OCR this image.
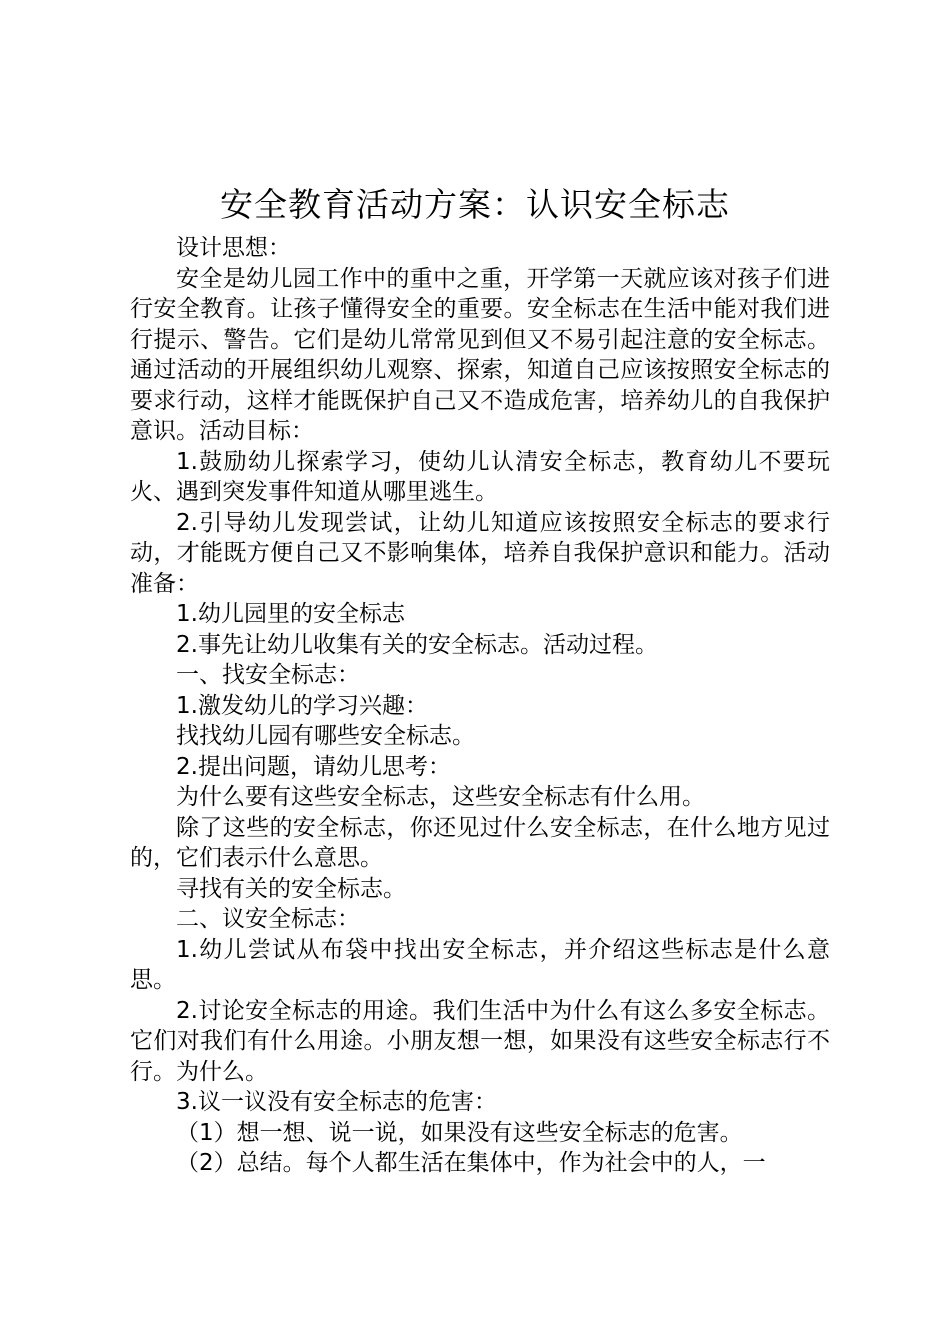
安全教育活动方案：认识安全标志

设计思想：

安全是幼儿园工作中的重中之重，开学第一天就应该对孩子们进行安全教育。让孩子懂得安全的重要。安全标志在生活中能对我们进行提示、警告。它们是幼儿常常见到但又不易引起注意的安全标志。通过活动的开展组织幼儿观察、探索，知道自己应该按照安全标志的要求行动，这样才能既保护自己又不造成危害，培养幼儿的自我保护意识。活动目标：

1.鼓励幼儿探索学习，使幼儿认清安全标志，教育幼儿不要玩火、遇到突发事件知道从哪里逃生。

2.引导幼儿发现尝试，让幼儿知道应该按照安全标志的要求行动，才能既方便自己又不影响集体，培养自我保护意识和能力。活动准备：

1.幼儿园里的安全标志

2.事先让幼儿收集有关的安全标志。活动过程。

一、找安全标志：

1.激发幼儿的学习兴趣：

找找幼儿园有哪些安全标志。

2.提出问题，请幼儿思考：

为什么要有这些安全标志，这些安全标志有什么用。

除了这些的安全标志，你还见过什么安全标志，在什么地方见过的，它们表示什么意思。

寻找有关的安全标志。

二、议安全标志：

1.幼儿尝试从布袋中找出安全标志，并介绍这些标志是什么意思。

2.讨论安全标志的用途。我们生活中为什么有这么多安全标志。它们对我们有什么用途。小朋友想一想，如果没有这些安全标志行不行。为什么。

3.议一议没有安全标志的危害：

（1）想一想、说一说，如果没有这些安全标志的危害。

（2）总结。每个人都生活在集体中，作为社会中的人，一
